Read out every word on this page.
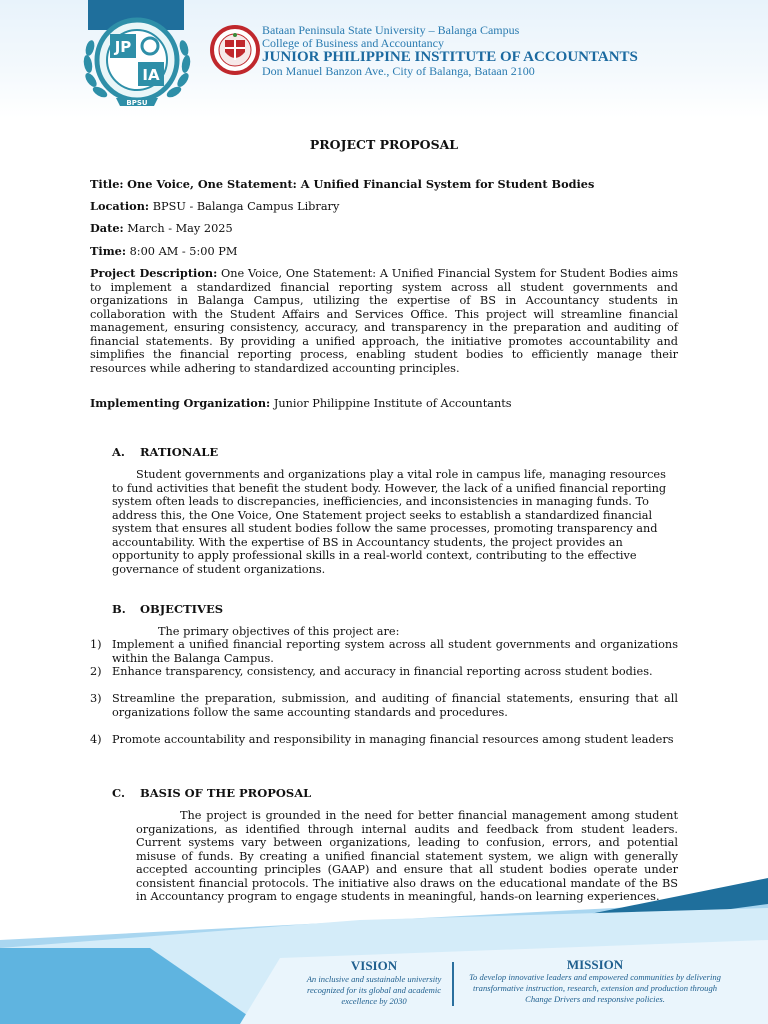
JP
IA
BPSU
Bataan Peninsula State University – Balanga Campus
College of Business and Accountancy
JUNIOR PHILIPPINE INSTITUTE OF ACCOUNTANTS
Don Manuel Banzon Ave., City of Balanga, Bataan 2100
PROJECT PROPOSAL
Title: One Voice, One Statement: A Unified Financial System for Student Bodies
Location: BPSU - Balanga Campus Library
Date: March - May 2025
Time: 8:00 AM - 5:00 PM
Project Description: One Voice, One Statement: A Unified Financial System for Student Bodies aims to implement a standardized financial reporting system across all student governments and organizations in Balanga Campus, utilizing the expertise of BS in Accountancy students in collaboration with the Student Affairs and Services Office. This project will streamline financial management, ensuring consistency, accuracy, and transparency in the preparation and auditing of financial statements. By providing a unified approach, the initiative promotes accountability and simplifies the financial reporting process, enabling student bodies to efficiently manage their resources while adhering to standardized accounting principles.
Implementing Organization: Junior Philippine Institute of Accountants
A. RATIONALE
Student governments and organizations play a vital role in campus life, managing resources to fund activities that benefit the student body. However, the lack of a unified financial reporting system often leads to discrepancies, inefficiencies, and inconsistencies in managing funds. To address this, the One Voice, One Statement project seeks to establish a standardized financial system that ensures all student bodies follow the same processes, promoting transparency and accountability. With the expertise of BS in Accountancy students, the project provides an opportunity to apply professional skills in a real-world context, contributing to the effective governance of student organizations.
B. OBJECTIVES
The primary objectives of this project are:
1) Implement a unified financial reporting system across all student governments and organizations within the Balanga Campus.
2) Enhance transparency, consistency, and accuracy in financial reporting across student bodies.
3) Streamline the preparation, submission, and auditing of financial statements, ensuring that all organizations follow the same accounting standards and procedures.
4) Promote accountability and responsibility in managing financial resources among student leaders
C. BASIS OF THE PROPOSAL
The project is grounded in the need for better financial management among student organizations, as identified through internal audits and feedback from student leaders. Current systems vary between organizations, leading to confusion, errors, and potential misuse of funds. By creating a unified financial statement system, we align with generally accepted accounting principles (GAAP) and ensure that all student bodies operate under consistent financial protocols. The initiative also draws on the educational mandate of the BS in Accountancy program to engage students in meaningful, hands-on learning experiences.
VISION
An inclusive and sustainable university recognized for its global and academic excellence by 2030
MISSION
To develop innovative leaders and empowered communities by delivering transformative instruction, research, extension and production through Change Drivers and responsive policies.
